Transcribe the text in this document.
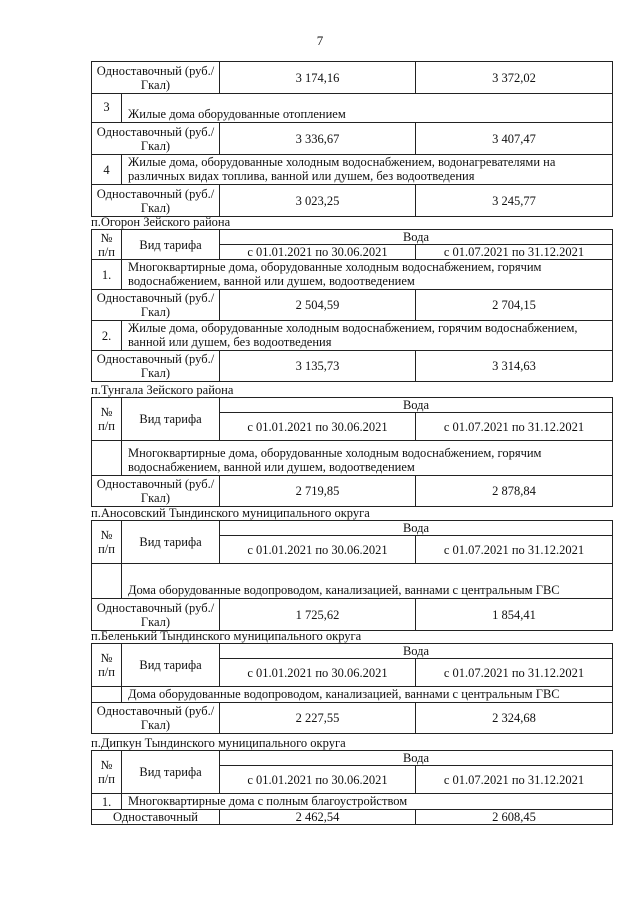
7
Одноставочный (руб./Гкал)		3 174,16	3 372,02
3	Жилые дома оборудованные отоплением		
Одноставочный (руб./Гкал)		3 336,67	3 407,47
4	Жилые дома, оборудованные холодным водоснабжением, водонагревателями на различных видах топлива, ванной или душем, без водоотведения		
Одноставочный (руб./Гкал)		3 023,25	3 245,77
п.Огорон Зейского района
№ п/п	Вид тарифа	Вода	
		с 01.01.2021 по 30.06.2021	с 01.07.2021 по 31.12.2021
1.	Многоквартирные дома, оборудованные холодным водоснабжением, горячим водоснабжением, ванной или душем, водоотведением		
Одноставочный (руб./Гкал)		2 504,59	2 704,15
2.	Жилые дома, оборудованные холодным водоснабжением, горячим водоснабжением, ванной или душем, без водоотведения		
Одноставочный (руб./Гкал)		3 135,73	3 314,63
п.Тунгала Зейского района
№ п/п	Вид тарифа	Вода	
		с 01.01.2021 по 30.06.2021	с 01.07.2021 по 31.12.2021
	Многоквартирные дома, оборудованные холодным водоснабжением, горячим водоснабжением, ванной или душем, водоотведением		
Одноставочный (руб./Гкал)		2 719,85	2 878,84
п.Аносовский Тындинского муниципального округа
№ п/п	Вид тарифа	Вода	
		с 01.01.2021 по 30.06.2021	с 01.07.2021 по 31.12.2021
	Дома оборудованные водопроводом, канализацией, ваннами с центральным ГВС		
Одноставочный (руб./Гкал)		1 725,62	1 854,41
п.Беленький Тындинского муниципального округа
№ п/п	Вид тарифа	Вода	
		с 01.01.2021 по 30.06.2021	с 01.07.2021 по 31.12.2021
	Дома оборудованные водопроводом, канализацией, ваннами с центральным ГВС		
Одноставочный (руб./Гкал)		2 227,55	2 324,68
п.Дипкун Тындинского муниципального округа
№ п/п	Вид тарифа	Вода	
		с 01.01.2021 по 30.06.2021	с 01.07.2021 по 31.12.2021
1.	Многоквартирные дома с полным благоустройством		
Одноставочный		2 462,54	2 608,45
